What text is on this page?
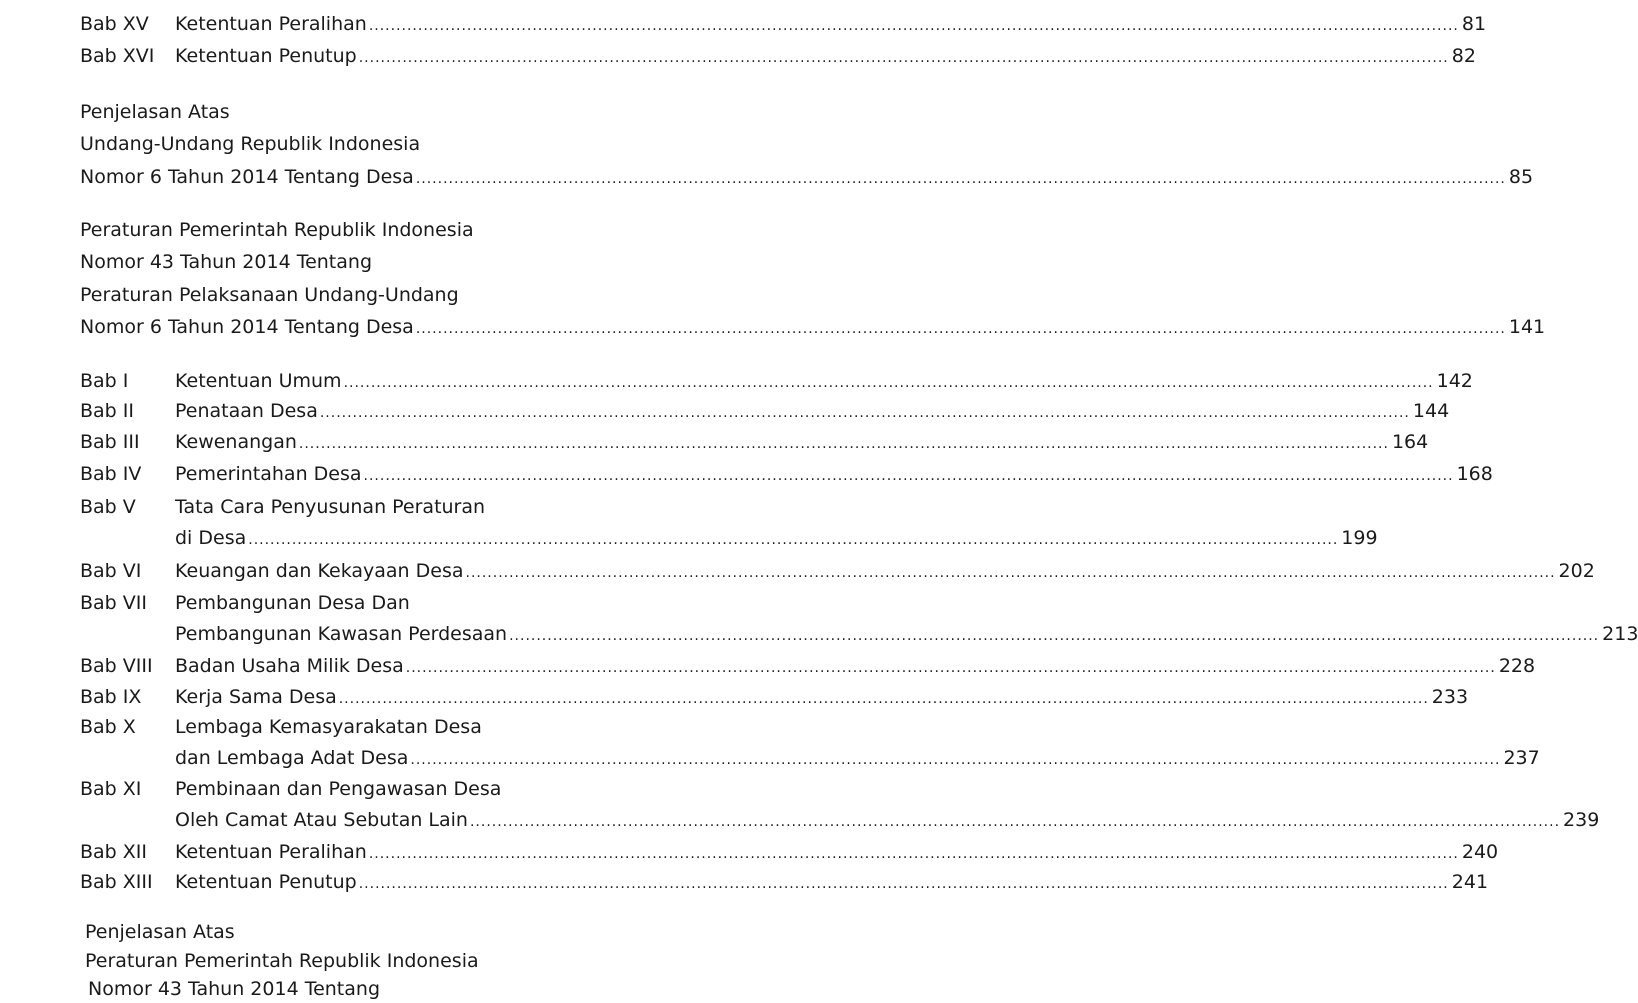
Bab XV Ketentuan Peralihan ........................................................................................................................................................................................................ 81
Bab XVI Ketentuan Penutup ........................................................................................................................................................................................................ 82
Penjelasan Atas
Undang-Undang Republik Indonesia
Nomor 6 Tahun 2014 Tentang Desa ........................................................................................................................................................................................................ 85
Peraturan Pemerintah Republik Indonesia
Nomor 43 Tahun 2014 Tentang
Peraturan Pelaksanaan Undang-Undang
Nomor 6 Tahun 2014 Tentang Desa ........................................................................................................................................................................................................ 141
Bab I Ketentuan Umum ........................................................................................................................................................................................................ 142
Bab II Penataan Desa ........................................................................................................................................................................................................ 144
Bab III Kewenangan ........................................................................................................................................................................................................ 164
Bab IV Pemerintahan Desa ........................................................................................................................................................................................................ 168
Bab V Tata Cara Penyusunan Peraturan
di Desa ........................................................................................................................................................................................................ 199
Bab VI Keuangan dan Kekayaan Desa ........................................................................................................................................................................................................ 202
Bab VII Pembangunan Desa Dan
Pembangunan Kawasan Perdesaan ........................................................................................................................................................................................................ 213
Bab VIII Badan Usaha Milik Desa ........................................................................................................................................................................................................ 228
Bab IX Kerja Sama Desa ........................................................................................................................................................................................................ 233
Bab X Lembaga Kemasyarakatan Desa
dan Lembaga Adat Desa ........................................................................................................................................................................................................ 237
Bab XI Pembinaan dan Pengawasan Desa
Oleh Camat Atau Sebutan Lain ........................................................................................................................................................................................................ 239
Bab XII Ketentuan Peralihan ........................................................................................................................................................................................................ 240
Bab XIII Ketentuan Penutup ........................................................................................................................................................................................................ 241
Penjelasan Atas
Peraturan Pemerintah Republik Indonesia
Nomor 43 Tahun 2014 Tentang
